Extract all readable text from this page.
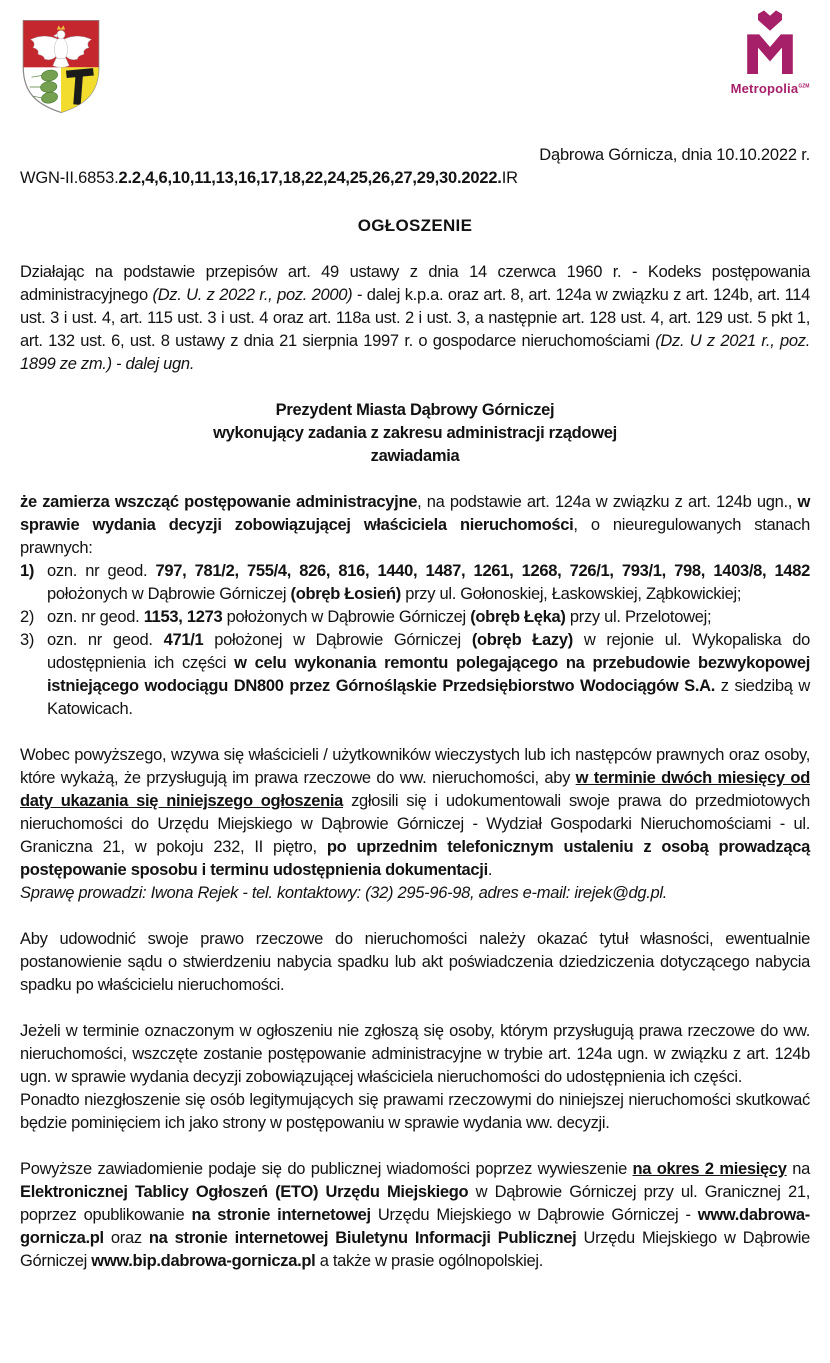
Metropolia$^{GZM}$
Dąbrowa Górnicza, dnia 10.10.2022 r.
WGN-II.6853.2.2,4,6,10,11,13,16,17,18,22,24,25,26,27,29,30.2022.IR
OGŁOSZENIE
Działając na podstawie przepisów art. 49 ustawy z dnia 14 czerwca 1960 r. - Kodeks postępowania administracyjnego (Dz. U. z 2022 r., poz. 2000) - dalej k.p.a. oraz art. 8, art. 124a w związku z art. 124b, art. 114 ust. 3 i ust. 4, art. 115 ust. 3 i ust. 4 oraz art. 118a ust. 2 i ust. 3, a następnie art. 128 ust. 4, art. 129 ust. 5 pkt 1, art. 132 ust. 6, ust. 8 ustawy z dnia 21 sierpnia 1997 r. o gospodarce nieruchomościami (Dz. U z 2021 r., poz. 1899 ze zm.) - dalej ugn.
Prezydent Miasta Dąbrowy Górniczej
wykonujący zadania z zakresu administracji rządowej
zawiadamia
że zamierza wszcząć postępowanie administracyjne, na podstawie art. 124a w związku z art. 124b ugn., w sprawie wydania decyzji zobowiązującej właściciela nieruchomości, o nieuregulowanych stanach prawnych:
1) ozn. nr geod. 797, 781/2, 755/4, 826, 816, 1440, 1487, 1261, 1268, 726/1, 793/1, 798, 1403/8, 1482 położonych w Dąbrowie Górniczej (obręb Łosień) przy ul. Gołonoskiej, Łaskowskiej, Ząbkowickiej;
2) ozn. nr geod. 1153, 1273 położonych w Dąbrowie Górniczej (obręb Łęka) przy ul. Przelotowej;
3) ozn. nr geod. 471/1 położonej w Dąbrowie Górniczej (obręb Łazy) w rejonie ul. Wykopaliska do udostępnienia ich części w celu wykonania remontu polegającego na przebudowie bezwykopowej istniejącego wodociągu DN800 przez Górnośląskie Przedsiębiorstwo Wodociągów S.A. z siedzibą w Katowicach.
Wobec powyższego, wzywa się właścicieli / użytkowników wieczystych lub ich następców prawnych oraz osoby, które wykażą, że przysługują im prawa rzeczowe do ww. nieruchomości, aby w terminie dwóch miesięcy od daty ukazania się niniejszego ogłoszenia zgłosili się i udokumentowali swoje prawa do przedmiotowych nieruchomości do Urzędu Miejskiego w Dąbrowie Górniczej - Wydział Gospodarki Nieruchomościami - ul. Graniczna 21, w pokoju 232, II piętro, po uprzednim telefonicznym ustaleniu z osobą prowadzącą postępowanie sposobu i terminu udostępnienia dokumentacji.
Sprawę prowadzi: Iwona Rejek - tel. kontaktowy: (32) 295-96-98, adres e-mail: irejek@dg.pl.
Aby udowodnić swoje prawo rzeczowe do nieruchomości należy okazać tytuł własności, ewentualnie postanowienie sądu o stwierdzeniu nabycia spadku lub akt poświadczenia dziedziczenia dotyczącego nabycia spadku po właścicielu nieruchomości.
Jeżeli w terminie oznaczonym w ogłoszeniu nie zgłoszą się osoby, którym przysługują prawa rzeczowe do ww. nieruchomości, wszczęte zostanie postępowanie administracyjne w trybie art. 124a ugn. w związku z art. 124b ugn. w sprawie wydania decyzji zobowiązującej właściciela nieruchomości do udostępnienia ich części.
Ponadto niezgłoszenie się osób legitymujących się prawami rzeczowymi do niniejszej nieruchomości skutkować będzie pominięciem ich jako strony w postępowaniu w sprawie wydania ww. decyzji.
Powyższe zawiadomienie podaje się do publicznej wiadomości poprzez wywieszenie na okres 2 miesięcy na Elektronicznej Tablicy Ogłoszeń (ETO) Urzędu Miejskiego w Dąbrowie Górniczej przy ul. Granicznej 21, poprzez opublikowanie na stronie internetowej Urzędu Miejskiego w Dąbrowie Górniczej - www.dabrowa-gornicza.pl oraz na stronie internetowej Biuletynu Informacji Publicznej Urzędu Miejskiego w Dąbrowie Górniczej www.bip.dabrowa-gornicza.pl a także w prasie ogólnopolskiej.
